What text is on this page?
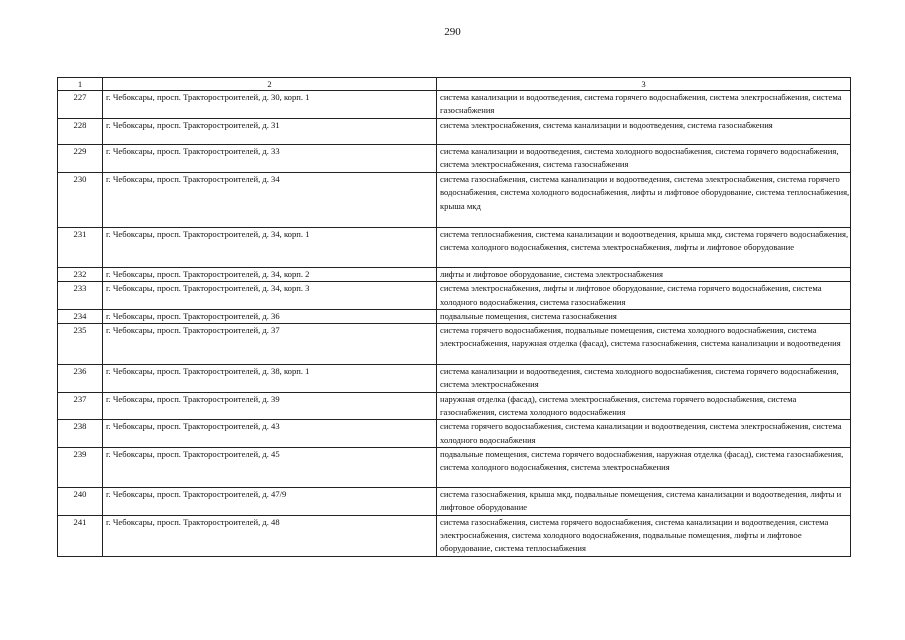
290
1	2	3
227	г. Чебоксары, просп. Тракторостроителей, д. 30, корп. 1	система канализации и водоотведения, система горячего водоснабжения, система электроснабжения, система газоснабжения
228	г. Чебоксары, просп. Тракторостроителей, д. 31	система электроснабжения, система канализации и водоотведения, система газоснабжения
229	г. Чебоксары, просп. Тракторостроителей, д. 33	система канализации и водоотведения, система холодного водоснабжения, система горячего водоснабжения, система электроснабжения, система газоснабжения
230	г. Чебоксары, просп. Тракторостроителей, д. 34	система газоснабжения, система канализации и водоотведения, система электроснабжения, система горячего водоснабжения, система холодного водоснабжения, лифты и лифтовое оборудование, система теплоснабжения, крыша мкд
231	г. Чебоксары, просп. Тракторостроителей, д. 34, корп. 1	система теплоснабжения, система канализации и водоотведения, крыша мкд, система горячего водоснабжения, система холодного водоснабжения, система электроснабжения, лифты и лифтовое оборудование
232	г. Чебоксары, просп. Тракторостроителей, д. 34, корп. 2	лифты и лифтовое оборудование, система электроснабжения
233	г. Чебоксары, просп. Тракторостроителей, д. 34, корп. 3	система электроснабжения, лифты и лифтовое оборудование, система горячего водоснабжения, система холодного водоснабжения, система газоснабжения
234	г. Чебоксары, просп. Тракторостроителей, д. 36	подвальные помещения, система газоснабжения
235	г. Чебоксары, просп. Тракторостроителей, д. 37	система горячего водоснабжения, подвальные помещения, система холодного водоснабжения, система электроснабжения, наружная отделка (фасад), система газоснабжения, система канализации и водоотведения
236	г. Чебоксары, просп. Тракторостроителей, д. 38, корп. 1	система канализации и водоотведения, система холодного водоснабжения, система горячего водоснабжения, система электроснабжения
237	г. Чебоксары, просп. Тракторостроителей, д. 39	наружная отделка (фасад), система электроснабжения, система горячего водоснабжения, система газоснабжения, система холодного водоснабжения
238	г. Чебоксары, просп. Тракторостроителей, д. 43	система горячего водоснабжения, система канализации и водоотведения, система электроснабжения, система холодного водоснабжения
239	г. Чебоксары, просп. Тракторостроителей, д. 45	подвальные помещения, система горячего водоснабжения, наружная отделка (фасад), система газоснабжения, система холодного водоснабжения, система электроснабжения
240	г. Чебоксары, просп. Тракторостроителей, д. 47/9	система газоснабжения, крыша мкд, подвальные помещения, система канализации и водоотведения, лифты и лифтовое оборудование
241	г. Чебоксары, просп. Тракторостроителей, д. 48	система газоснабжения, система горячего водоснабжения, система канализации и водоотведения, система электроснабжения, система холодного водоснабжения, подвальные помещения, лифты и лифтовое оборудование, система теплоснабжения
